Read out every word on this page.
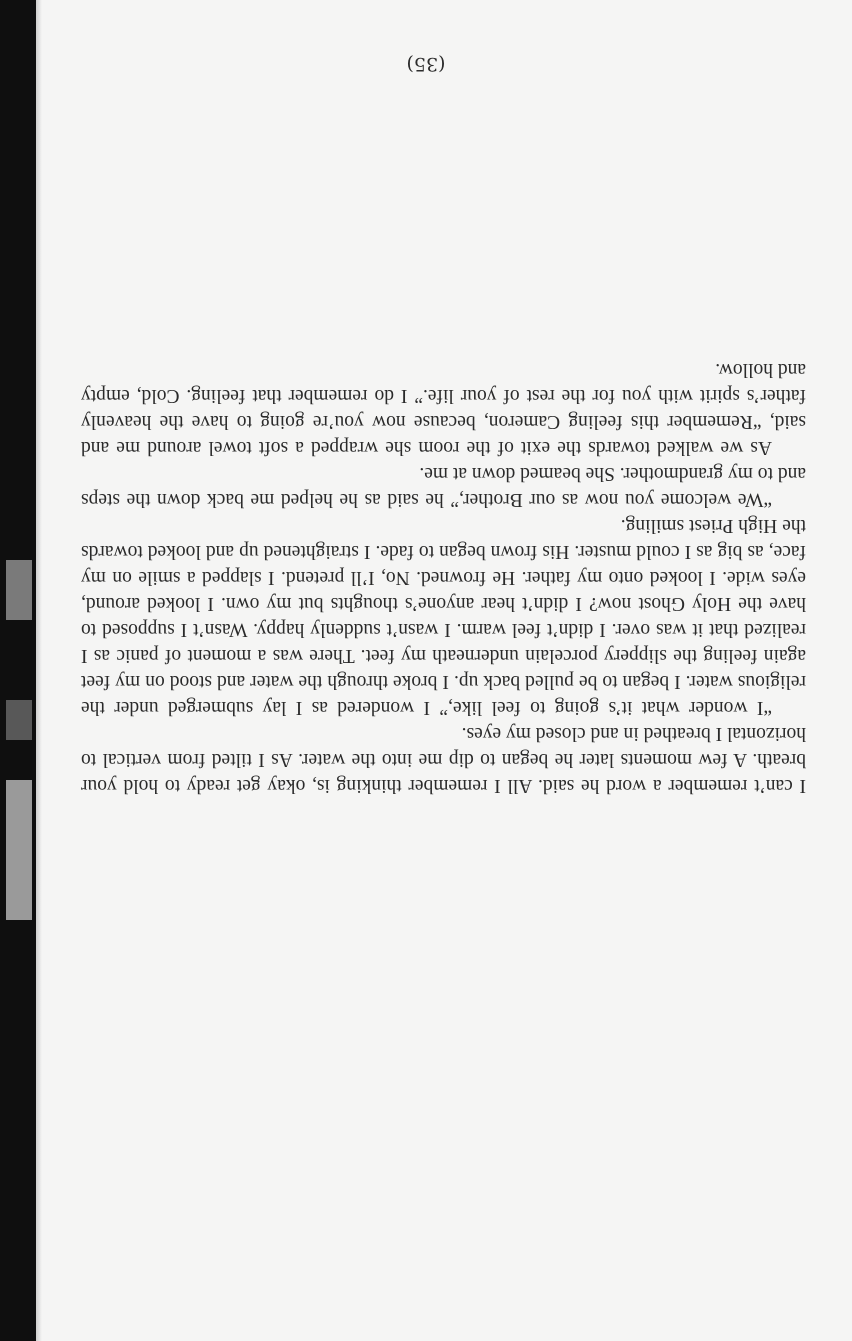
I can’t remember a word he said. All I remember thinking is, okay get ready to hold your breath. A few moments later he began to dip me into the water. As I tilted from vertical to horizontal I breathed in and closed my eyes.

“I wonder what it’s going to feel like,” I wondered as I lay submerged under the religious water. I began to be pulled back up. I broke through the water and stood on my feet again feeling the slippery porcelain underneath my feet. There was a moment of panic as I realized that it was over. I didn’t feel warm. I wasn’t suddenly happy. Wasn’t I supposed to have the Holy Ghost now? I didn’t hear anyone’s thoughts but my own. I looked around, eyes wide. I looked onto my father. He frowned. No, I’ll pretend. I slapped a smile on my face, as big as I could muster. His frown began to fade. I straightened up and looked towards the High Priest smiling.

“We welcome you now as our Brother,” he said as he helped me back down the steps and to my grandmother. She beamed down at me.

As we walked towards the exit of the room she wrapped a soft towel around me and said, “Remember this feeling Cameron, because now you’re going to have the heavenly father’s spirit with you for the rest of your life.” I do remember that feeling. Cold, empty and hollow.

(35)
